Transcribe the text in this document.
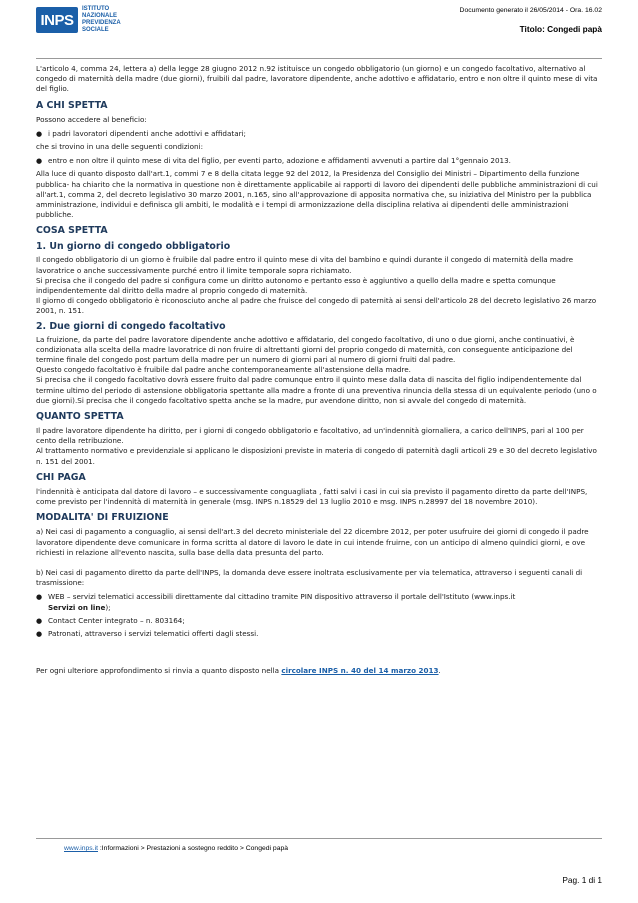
INPS
ISTITUTO
NAZIONALE
PREVIDENZA
SOCIALE
Documento generato il 26/05/2014 - Ora. 16.02
Titolo: Congedi papà

L'articolo 4, comma 24, lettera a) della legge 28 giugno 2012 n.92 istituisce un congedo obbligatorio (un giorno) e un congedo facoltativo, alternativo al congedo di maternità della madre (due giorni), fruibili dal padre, lavoratore dipendente, anche adottivo e affidatario, entro e non oltre il quinto mese di vita del figlio.

A CHI SPETTA

Possono accedere al beneficio:

● i padri lavoratori dipendenti anche adottivi e affidatari;

che si trovino in una delle seguenti condizioni:

● entro e non oltre il quinto mese di vita del figlio, per eventi parto, adozione e affidamenti avvenuti a partire dal 1°gennaio 2013.

Alla luce di quanto disposto dall'art.1, commi 7 e 8 della citata legge 92 del 2012, la Presidenza del Consiglio dei Ministri – Dipartimento della funzione pubblica- ha chiarito che la normativa in questione non è direttamente applicabile ai rapporti di lavoro dei dipendenti delle pubbliche amministrazioni di cui all'art.1, comma 2, del decreto legislativo 30 marzo 2001, n.165, sino all'approvazione di apposita normativa che, su iniziativa del Ministro per la pubblica amministrazione, individui e definisca gli ambiti, le modalità e i tempi di armonizzazione della disciplina relativa ai dipendenti delle amministrazioni pubbliche.

COSA SPETTA
1. Un giorno di congedo obbligatorio

Il congedo obbligatorio di un giorno è fruibile dal padre entro il quinto mese di vita del bambino e quindi durante il congedo di maternità della madre lavoratrice o anche successivamente purché entro il limite temporale sopra richiamato.

Si precisa che il congedo del padre si configura come un diritto autonomo e pertanto esso è aggiuntivo a quello della madre e spetta comunque indipendentemente dal diritto della madre al proprio congedo di maternità.

Il giorno di congedo obbligatorio è riconosciuto anche al padre che fruisce del congedo di paternità ai sensi dell'articolo 28 del decreto legislativo 26 marzo 2001, n. 151.

2. Due giorni di congedo facoltativo

La fruizione, da parte del padre lavoratore dipendente anche adottivo e affidatario, del congedo facoltativo, di uno o due giorni, anche continuativi, è condizionata alla scelta della madre lavoratrice di non fruire di altrettanti giorni del proprio congedo di maternità, con conseguente anticipazione del termine finale del congedo post partum della madre per un numero di giorni pari al numero di giorni fruiti dal padre.

Questo congedo facoltativo è fruibile dal padre anche contemporaneamente all'astensione della madre.

Si precisa che il congedo facoltativo dovrà essere fruito dal padre comunque entro il quinto mese dalla data di nascita del figlio indipendentemente dal termine ultimo del periodo di astensione obbligatoria spettante alla madre a fronte di una preventiva rinuncia della stessa di un equivalente periodo (uno o due giorni).Si precisa che il congedo facoltativo spetta anche se la madre, pur avendone diritto, non si avvale del congedo di maternità.

QUANTO SPETTA

Il padre lavoratore dipendente ha diritto, per i giorni di congedo obbligatorio e facoltativo, ad un'indennità giornaliera, a carico dell'INPS, pari al 100 per cento della retribuzione.

Al trattamento normativo e previdenziale si applicano le disposizioni previste in materia di congedo di paternità dagli articoli 29 e 30 del decreto legislativo n. 151 del 2001.

CHI PAGA

l'indennità è anticipata dal datore di lavoro – e successivamente conguagliata , fatti salvi i casi in cui sia previsto il pagamento diretto da parte dell'INPS, come previsto per l'indennità di maternità in generale (msg. INPS n.18529 del 13 luglio 2010 e msg. INPS n.28997 del 18 novembre 2010).

MODALITA' DI FRUIZIONE

a) Nei casi di pagamento a conguaglio, ai sensi dell'art.3 del decreto ministeriale del 22 dicembre 2012, per poter usufruire dei giorni di congedo il padre lavoratore dipendente deve comunicare in forma scritta al datore di lavoro le date in cui intende fruirne, con un anticipo di almeno quindici giorni, e ove richiesti in relazione all'evento nascita, sulla base della data presunta del parto.

b) Nei casi di pagamento diretto da parte dell'INPS, la domanda deve essere inoltrata esclusivamente per via telematica, attraverso i seguenti canali di trasmissione:

● WEB – servizi telematici accessibili direttamente dal cittadino tramite PIN dispositivo attraverso il portale dell'Istituto (www.inps.it
Servizi on line);
● Contact Center integrato – n. 803164;
● Patronati, attraverso i servizi telematici offerti dagli stessi.

Per ogni ulteriore approfondimento si rinvia a quanto disposto nella circolare INPS n. 40 del 14 marzo 2013.

www.inps.it :Informazioni > Prestazioni a sostegno reddito > Congedi papà
Pag. 1 di 1
